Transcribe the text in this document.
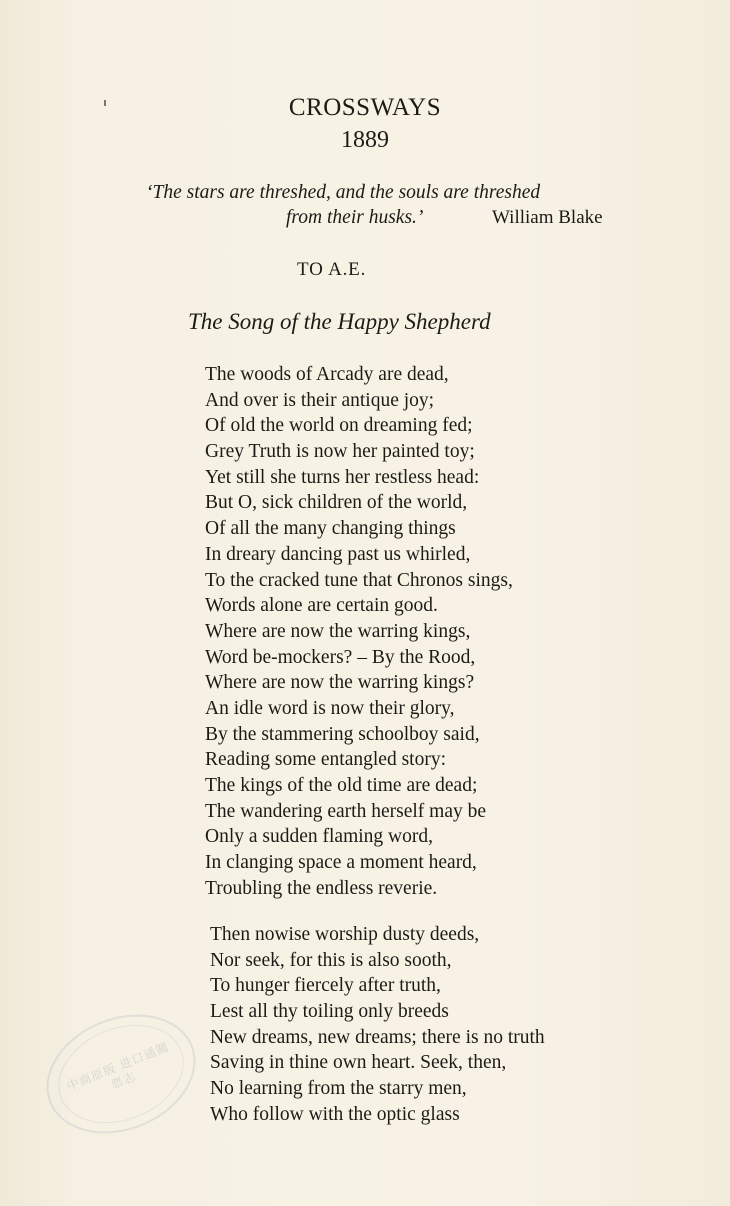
CROSSWAYS
1889
‘The stars are threshed, and the souls are threshed
from their husks.’	William Blake
TO A.E.
The Song of the Happy Shepherd
The woods of Arcady are dead,
And over is their antique joy;
Of old the world on dreaming fed;
Grey Truth is now her painted toy;
Yet still she turns her restless head:
But O, sick children of the world,
Of all the many changing things
In dreary dancing past us whirled,
To the cracked tune that Chronos sings,
Words alone are certain good.
Where are now the warring kings,
Word be-mockers? – By the Rood,
Where are now the warring kings?
An idle word is now their glory,
By the stammering schoolboy said,
Reading some entangled story:
The kings of the old time are dead;
The wandering earth herself may be
Only a sudden flaming word,
In clanging space a moment heard,
Troubling the endless reverie.
Then nowise worship dusty deeds,
Nor seek, for this is also sooth,
To hunger fiercely after truth,
Lest all thy toiling only breeds
New dreams, new dreams; there is no truth
Saving in thine own heart. Seek, then,
No learning from the starry men,
Who follow with the optic glass
中商原版 进口通關票志
